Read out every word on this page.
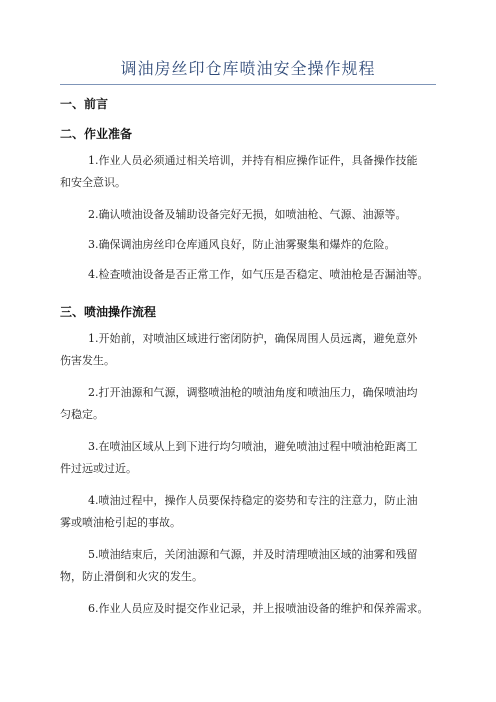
调油房丝印仓库喷油安全操作规程
一、前言
二、作业准备
1.作业人员必须通过相关培训，并持有相应操作证件，具备操作技能
和安全意识。
2.确认喷油设备及辅助设备完好无损，如喷油枪、气源、油源等。
3.确保调油房丝印仓库通风良好，防止油雾聚集和爆炸的危险。
4.检查喷油设备是否正常工作，如气压是否稳定、喷油枪是否漏油等。
三、喷油操作流程
1.开始前，对喷油区域进行密闭防护，确保周围人员远离，避免意外
伤害发生。
2.打开油源和气源，调整喷油枪的喷油角度和喷油压力，确保喷油均
匀稳定。
3.在喷油区域从上到下进行均匀喷油，避免喷油过程中喷油枪距离工
件过远或过近。
4.喷油过程中，操作人员要保持稳定的姿势和专注的注意力，防止油
雾或喷油枪引起的事故。
5.喷油结束后，关闭油源和气源，并及时清理喷油区域的油雾和残留
物，防止滑倒和火灾的发生。
6.作业人员应及时提交作业记录，并上报喷油设备的维护和保养需求。
